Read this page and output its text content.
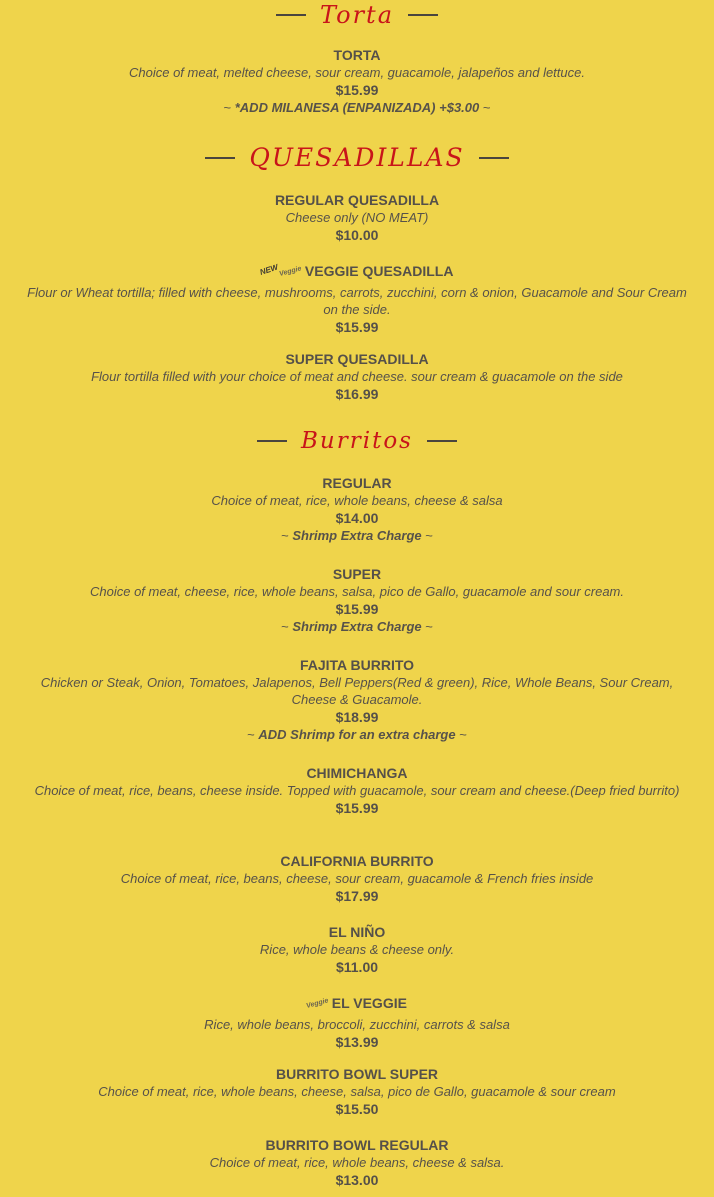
Torta
TORTA
Choice of meat, melted cheese, sour cream, guacamole, jalapeños and lettuce.
$15.99
~ *ADD MILANESA (ENPANIZADA) +$3.00 ~
QUESADILLAS
REGULAR QUESADILLA
Cheese only (NO MEAT)
$10.00
NEWVeggie VEGGIE QUESADILLA
Flour or Wheat tortilla; filled with cheese, mushrooms, carrots, zucchini, corn & onion, Guacamole and Sour Cream on the side.
$15.99
SUPER QUESADILLA
Flour tortilla filled with your choice of meat and cheese. sour cream & guacamole on the side
$16.99
Burritos
REGULAR
Choice of meat, rice, whole beans, cheese & salsa
$14.00
~ Shrimp Extra Charge ~
SUPER
Choice of meat, cheese, rice, whole beans, salsa, pico de Gallo, guacamole and sour cream.
$15.99
~ Shrimp Extra Charge ~
FAJITA BURRITO
Chicken or Steak, Onion, Tomatoes, Jalapenos, Bell Peppers(Red & green), Rice, Whole Beans, Sour Cream, Cheese & Guacamole.
$18.99
~ ADD Shrimp for an extra charge ~
CHIMICHANGA
Choice of meat, rice, beans, cheese inside. Topped with guacamole, sour cream and cheese.(Deep fried burrito)
$15.99
CALIFORNIA BURRITO
Choice of meat, rice, beans, cheese, sour cream, guacamole & French fries inside
$17.99
EL NIÑO
Rice, whole beans & cheese only.
$11.00
Veggie EL VEGGIE
Rice, whole beans, broccoli, zucchini, carrots & salsa
$13.99
BURRITO BOWL SUPER
Choice of meat, rice, whole beans, cheese, salsa, pico de Gallo, guacamole & sour cream
$15.50
BURRITO BOWL REGULAR
Choice of meat, rice, whole beans, cheese & salsa.
$13.00
